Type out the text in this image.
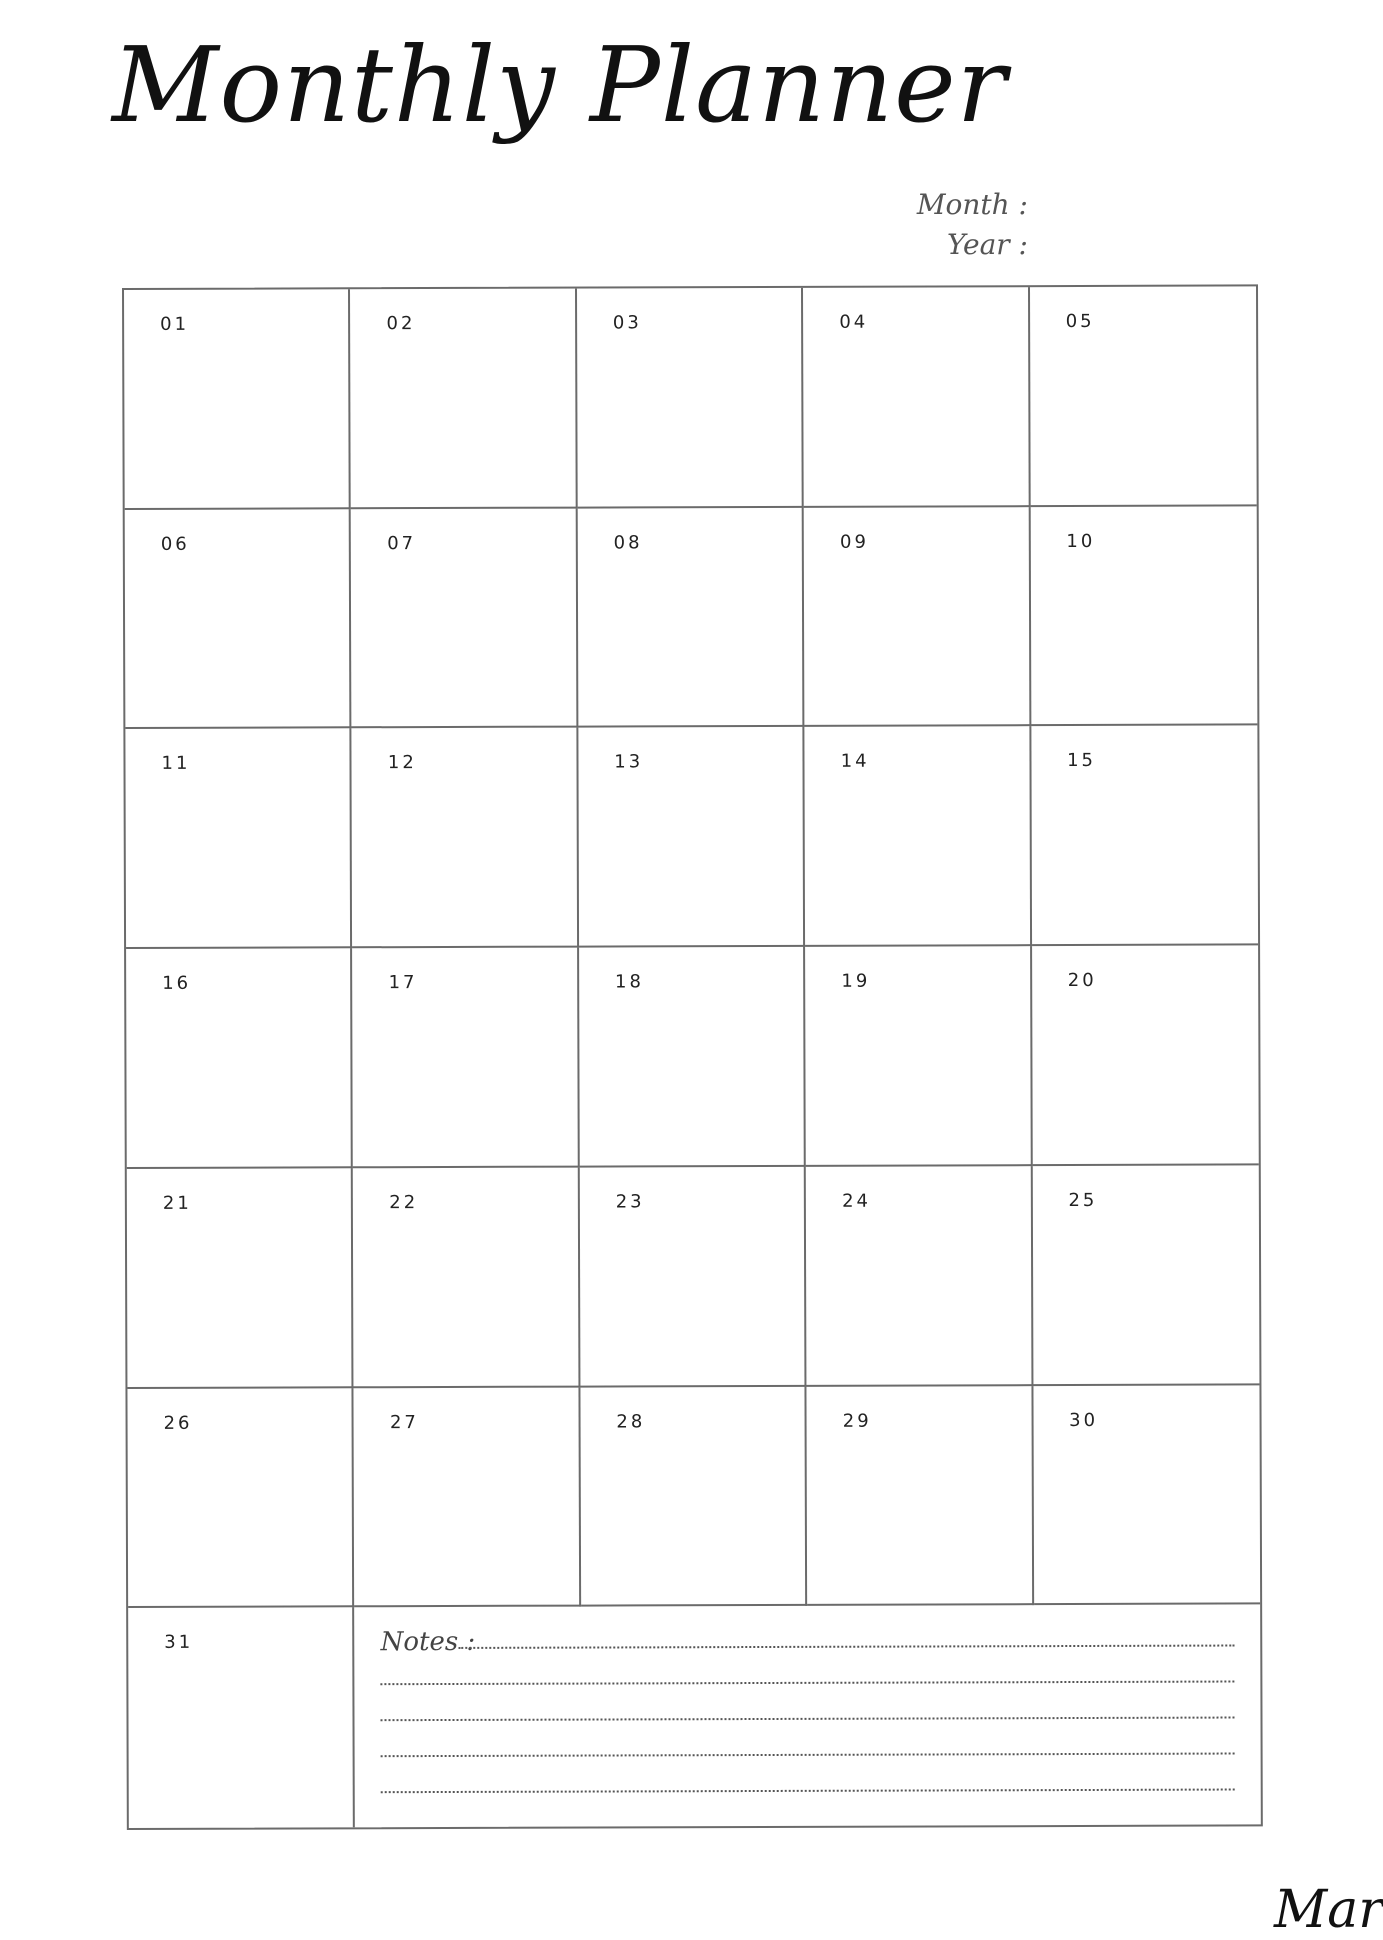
Monthly Planner
Month :
Year :
01	02	03	04	05
06	07	08	09	10
11	12	13	14	15
16	17	18	19	20
21	22	23	24	25
26	27	28	29	30
31	Notes :
Mar
